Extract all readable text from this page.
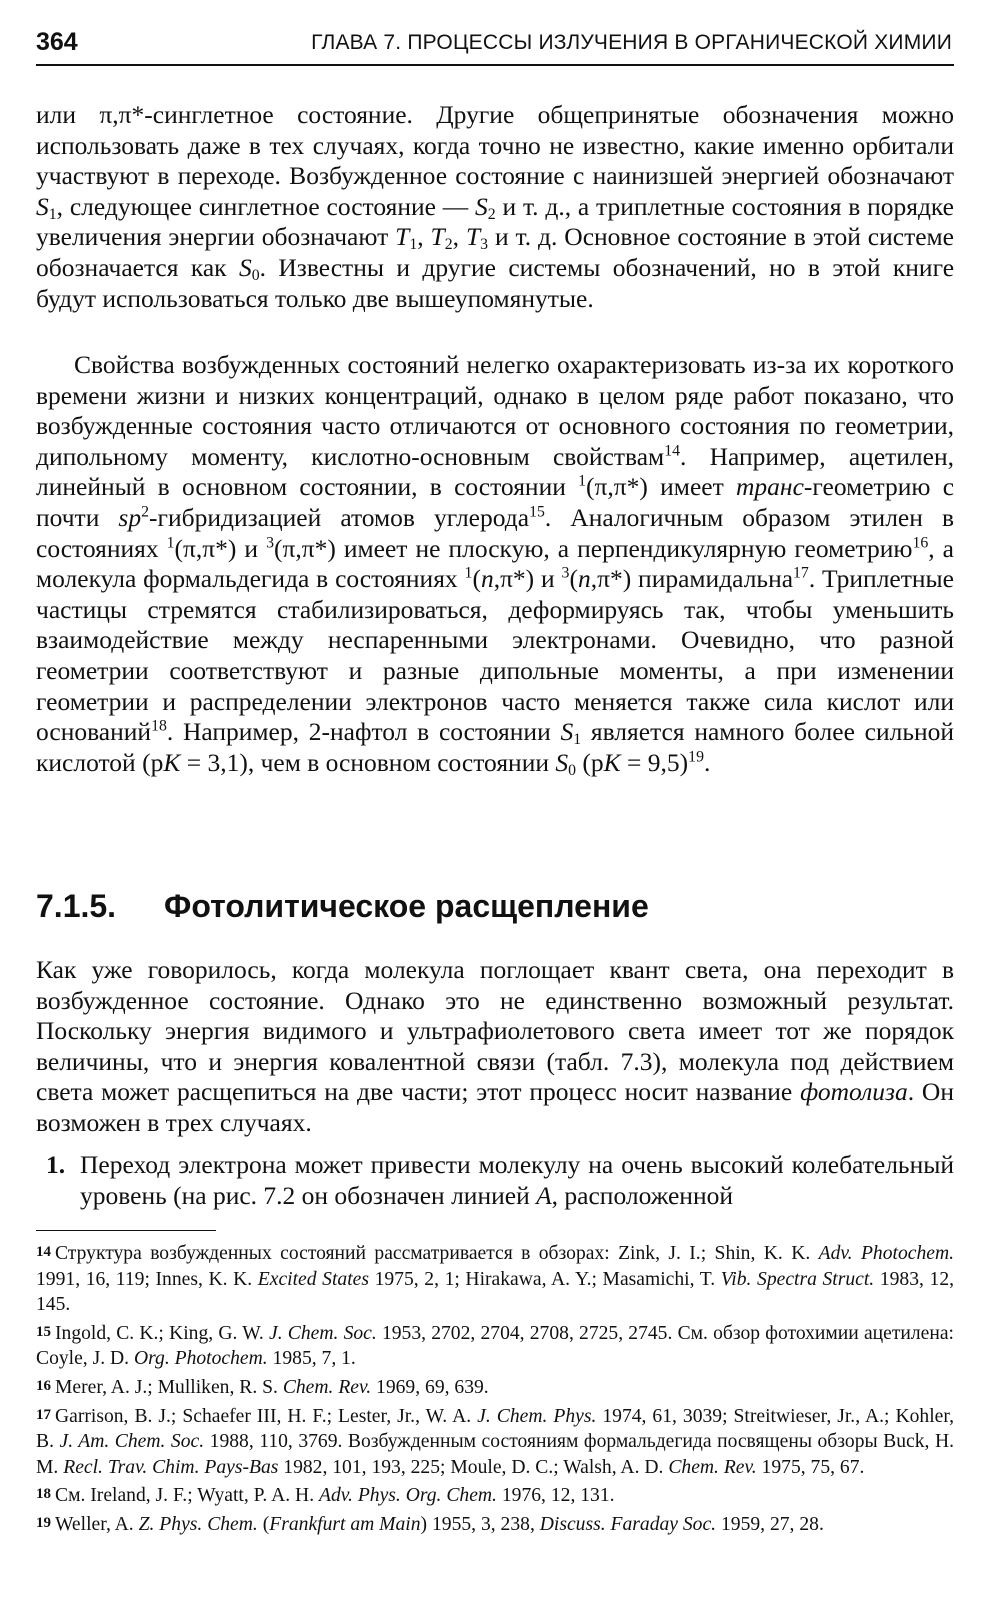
364	ГЛАВА 7. ПРОЦЕССЫ ИЗЛУЧЕНИЯ В ОРГАНИЧЕСКОЙ ХИМИИ

или π,π*-синглетное состояние. Другие общепринятые обозначения можно использовать даже в тех случаях, когда точно не известно, какие именно орбитали участвуют в переходе. Возбужденное состояние с наинизшей энергией обозначают $S_1$, следующее синглетное состояние — $S_2$ и т. д., а триплетные состояния в порядке увеличения энергии обозначают $T_1$, $T_2$, $T_3$ и т. д. Основное состояние в этой системе обозначается как $S_0$. Известны и другие системы обозначений, но в этой книге будут использоваться только две вышеупомянутые.

Свойства возбужденных состояний нелегко охарактеризовать из-за их короткого времени жизни и низких концентраций, однако в целом ряде работ показано, что возбужденные состояния часто отличаются от основного состояния по геометрии, дипольному моменту, кислотно-основным свойствам$^{14}$. Например, ацетилен, линейный в основном состоянии, в состоянии $^1$(π,π*) имеет транс-геометрию с почти $sp^2$-гибридизацией атомов углерода$^{15}$. Аналогичным образом этилен в состояниях $^1$(π,π*) и $^3$(π,π*) имеет не плоскую, а перпендикулярную геометрию$^{16}$, а молекула формальдегида в состояниях $^1$(n,π*) и $^3$(n,π*) пирамидальна$^{17}$. Триплетные частицы стремятся стабилизироваться, деформируясь так, чтобы уменьшить взаимодействие между неспаренными электронами. Очевидно, что разной геометрии соответствуют и разные дипольные моменты, а при изменении геометрии и распределении электронов часто меняется также сила кислот или оснований$^{18}$. Например, 2-нафтол в состоянии $S_1$ является намного более сильной кислотой (pK = 3,1), чем в основном состоянии $S_0$ (pK = 9,5)$^{19}$.

7.1.5. Фотолитическое расщепление

Как уже говорилось, когда молекула поглощает квант света, она переходит в возбужденное состояние. Однако это не единственно возможный результат. Поскольку энергия видимого и ультрафиолетового света имеет тот же порядок величины, что и энергия ковалентной связи (табл. 7.3), молекула под действием света может расщепиться на две части; этот процесс носит название фотолиза. Он возможен в трех случаях.

1. Переход электрона может привести молекулу на очень высокий колебательный уровень (на рис. 7.2 он обозначен линией A, расположенной

14 Структура возбужденных состояний рассматривается в обзорах: Zink, J. I.; Shin, K. K. Adv. Photochem. 1991, 16, 119; Innes, K. K. Excited States 1975, 2, 1; Hirakawa, A. Y.; Masamichi, T. Vib. Spectra Struct. 1983, 12, 145.

15 Ingold, C. K.; King, G. W. J. Chem. Soc. 1953, 2702, 2704, 2708, 2725, 2745. См. обзор фотохимии ацетилена: Coyle, J. D. Org. Photochem. 1985, 7, 1.

16 Merer, A. J.; Mulliken, R. S. Chem. Rev. 1969, 69, 639.

17 Garrison, B. J.; Schaefer III, H. F.; Lester, Jr., W. A. J. Chem. Phys. 1974, 61, 3039; Streitwieser, Jr., A.; Kohler, B. J. Am. Chem. Soc. 1988, 110, 3769. Возбужденным состояниям формальдегида посвящены обзоры Buck, H. M. Recl. Trav. Chim. Pays-Bas 1982, 101, 193, 225; Moule, D. C.; Walsh, A. D. Chem. Rev. 1975, 75, 67.

18 См. Ireland, J. F.; Wyatt, P. A. H. Adv. Phys. Org. Chem. 1976, 12, 131.

19 Weller, A. Z. Phys. Chem. (Frankfurt am Main) 1955, 3, 238, Discuss. Faraday Soc. 1959, 27, 28.
